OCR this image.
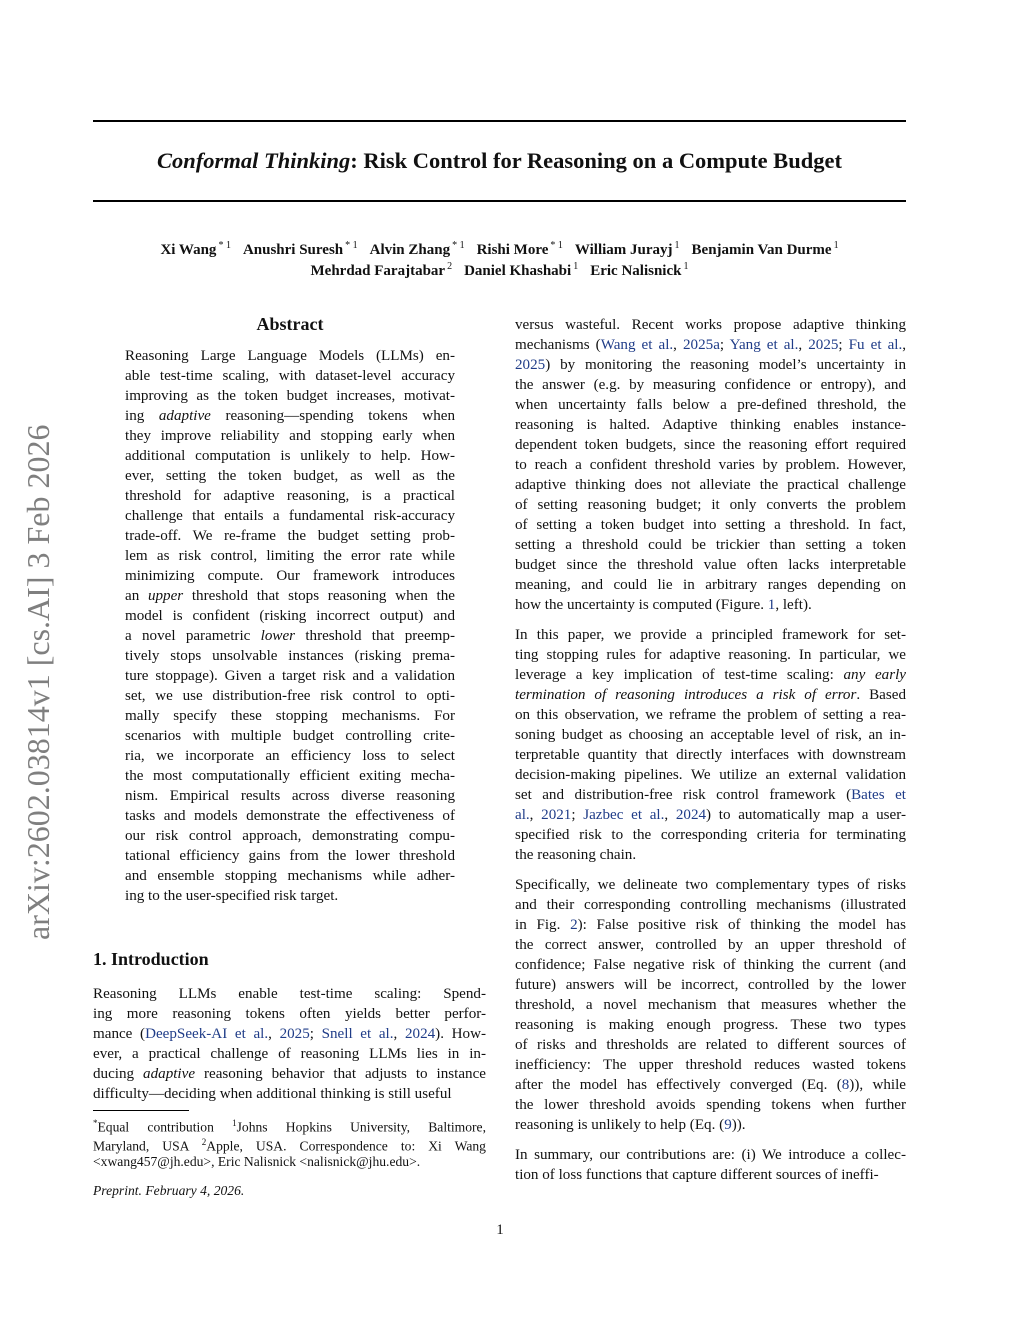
Conformal Thinking: Risk Control for Reasoning on a Compute Budget
Xi Wang $^{* 1}$ Anushri Suresh $^{* 1}$ Alvin Zhang $^{* 1}$ Rishi More $^{* 1}$ William Jurayj $^1$ Benjamin Van Durme $^1$
Mehrdad Farajtabar $^2$ Daniel Khashabi $^1$ Eric Nalisnick $^1$
arXiv:2602.03814v1 [cs.AI] 3 Feb 2026
Abstract
Reasoning Large Language Models (LLMs) en-
able test-time scaling, with dataset-level accuracy
improving as the token budget increases, motivat-
ing adaptive reasoning—spending tokens when
they improve reliability and stopping early when
additional computation is unlikely to help. How-
ever, setting the token budget, as well as the
threshold for adaptive reasoning, is a practical
challenge that entails a fundamental risk-accuracy
trade-off. We re-frame the budget setting prob-
lem as risk control, limiting the error rate while
minimizing compute. Our framework introduces
an upper threshold that stops reasoning when the
model is confident (risking incorrect output) and
a novel parametric lower threshold that preemp-
tively stops unsolvable instances (risking prema-
ture stoppage). Given a target risk and a validation
set, we use distribution-free risk control to opti-
mally specify these stopping mechanisms. For
scenarios with multiple budget controlling crite-
ria, we incorporate an efficiency loss to select
the most computationally efficient exiting mecha-
nism. Empirical results across diverse reasoning
tasks and models demonstrate the effectiveness of
our risk control approach, demonstrating compu-
tational efficiency gains from the lower threshold
and ensemble stopping mechanisms while adher-
ing to the user-specified risk target.
1. Introduction
Reasoning LLMs enable test-time scaling: Spend-
ing more reasoning tokens often yields better perfor-
mance (DeepSeek-AI et al., 2025; Snell et al., 2024). How-
ever, a practical challenge of reasoning LLMs lies in in-
ducing adaptive reasoning behavior that adjusts to instance
difficulty—deciding when additional thinking is still useful
*Equal contribution $^1$Johns Hopkins University, Baltimore,
Maryland, USA $^2$Apple, USA. Correspondence to: Xi Wang
<xwang457@jh.edu>, Eric Nalisnick <nalisnick@jhu.edu>.
Preprint. February 4, 2026.
versus wasteful. Recent works propose adaptive thinking
mechanisms (Wang et al., 2025a; Yang et al., 2025; Fu et al.,
2025) by monitoring the reasoning model’s uncertainty in
the answer (e.g. by measuring confidence or entropy), and
when uncertainty falls below a pre-defined threshold, the
reasoning is halted. Adaptive thinking enables instance-
dependent token budgets, since the reasoning effort required
to reach a confident threshold varies by problem. However,
adaptive thinking does not alleviate the practical challenge
of setting reasoning budget; it only converts the problem
of setting a token budget into setting a threshold. In fact,
setting a threshold could be trickier than setting a token
budget since the threshold value often lacks interpretable
meaning, and could lie in arbitrary ranges depending on
how the uncertainty is computed (Figure. 1, left).
In this paper, we provide a principled framework for set-
ting stopping rules for adaptive reasoning. In particular, we
leverage a key implication of test-time scaling: any early
termination of reasoning introduces a risk of error. Based
on this observation, we reframe the problem of setting a rea-
soning budget as choosing an acceptable level of risk, an in-
terpretable quantity that directly interfaces with downstream
decision-making pipelines. We utilize an external validation
set and distribution-free risk control framework (Bates et
al., 2021; Jazbec et al., 2024) to automatically map a user-
specified risk to the corresponding criteria for terminating
the reasoning chain.
Specifically, we delineate two complementary types of risks
and their corresponding controlling mechanisms (illustrated
in Fig. 2): False positive risk of thinking the model has
the correct answer, controlled by an upper threshold of
confidence; False negative risk of thinking the current (and
future) answers will be incorrect, controlled by the lower
threshold, a novel mechanism that measures whether the
reasoning is making enough progress. These two types
of risks and thresholds are related to different sources of
inefficiency: The upper threshold reduces wasted tokens
after the model has effectively converged (Eq. (8)), while
the lower threshold avoids spending tokens when further
reasoning is unlikely to help (Eq. (9)).
In summary, our contributions are: (i) We introduce a collec-
tion of loss functions that capture different sources of ineffi-
1
